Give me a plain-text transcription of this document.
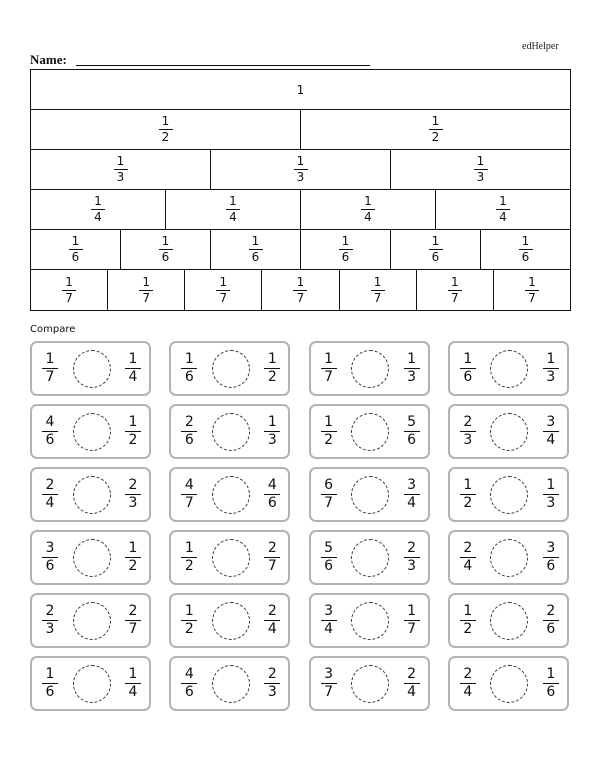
edHelper
Name:
1
$\frac{1}{2}$	$\frac{1}{2}$
$\frac{1}{3}$	$\frac{1}{3}$	$\frac{1}{3}$
$\frac{1}{4}$	$\frac{1}{4}$	$\frac{1}{4}$	$\frac{1}{4}$
$\frac{1}{6}$	$\frac{1}{6}$	$\frac{1}{6}$	$\frac{1}{6}$	$\frac{1}{6}$	$\frac{1}{6}$
$\frac{1}{7}$	$\frac{1}{7}$	$\frac{1}{7}$	$\frac{1}{7}$	$\frac{1}{7}$	$\frac{1}{7}$	$\frac{1}{7}$
Compare
$\frac{1}{7}$	$\frac{1}{4}$	$\frac{1}{6}$	$\frac{1}{2}$	$\frac{1}{7}$	$\frac{1}{3}$	$\frac{1}{6}$	$\frac{1}{3}$
$\frac{4}{6}$	$\frac{1}{2}$	$\frac{2}{6}$	$\frac{1}{3}$	$\frac{1}{2}$	$\frac{5}{6}$	$\frac{2}{3}$	$\frac{3}{4}$
$\frac{2}{4}$	$\frac{2}{3}$	$\frac{4}{7}$	$\frac{4}{6}$	$\frac{6}{7}$	$\frac{3}{4}$	$\frac{1}{2}$	$\frac{1}{3}$
$\frac{3}{6}$	$\frac{1}{2}$	$\frac{1}{2}$	$\frac{2}{7}$	$\frac{5}{6}$	$\frac{2}{3}$	$\frac{2}{4}$	$\frac{3}{6}$
$\frac{2}{3}$	$\frac{2}{7}$	$\frac{1}{2}$	$\frac{2}{4}$	$\frac{3}{4}$	$\frac{1}{7}$	$\frac{1}{2}$	$\frac{2}{6}$
$\frac{1}{6}$	$\frac{1}{4}$	$\frac{4}{6}$	$\frac{2}{3}$	$\frac{3}{7}$	$\frac{2}{4}$	$\frac{2}{4}$	$\frac{1}{6}$
